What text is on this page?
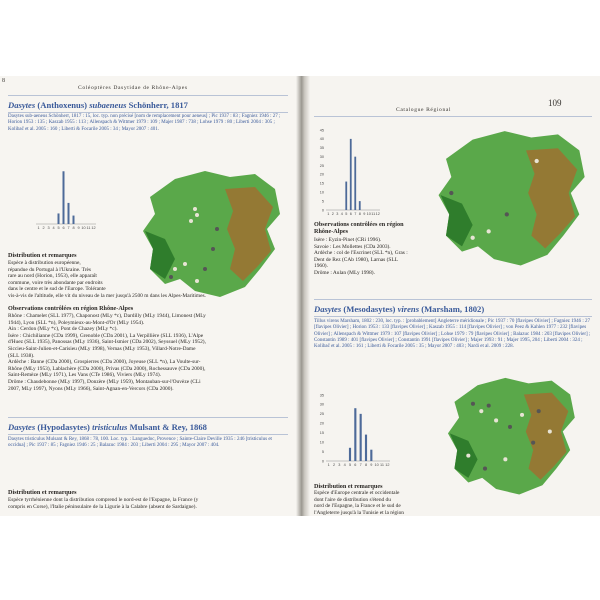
8
Coléoptères Dasytidae de Rhône-Alpes
Dasytes (Anthoxenus) subaeneus Schönherr, 1817
Dasytes sub-aeneus Schönherr, 1817 : 15, loc. typ. non précisé [nom de remplacement pour aeneus] ; Pic 1937 : 83 ; Fagniez 1946 : 27 ; Horion 1953 : 135 ; Kaszab 1955 : 113 ; Allenspach & Wittmer 1979 : 109 ; Majer 1987 : 738 ; Lohse 1979 : 80 ; Liberti 2004 : 305 ; Kolibač et al. 2005 : 160 ; Liberti & Focarile 2005 : 34 ; Mayor 2007 : 401.
1 2 3 4 5 6 7 8 9 10 11 12
Distribution et remarques
Espèce à distribution européenne,
répandue du Portugal à l'Ukraine. Très
rare au nord (Horion, 1953), elle apparaît
commune, voire très abondante par endroits
dans le centre et le sud de l'Europe. Tolérante
vis-à-vis de l'altitude, elle vit du niveau de la mer jusqu'à 2500 m dans les Alpes-Maritimes.
Observations contrôlées en région Rhône-Alpes
Rhône : Chamelet (SLL 1977), Chaponost (MLy *c), Dardilly (MLy 1944), Limonest (MLy
1944), Lyon (SLL *n), Poleymieux-au-Mont-d'Or (MLy 1954).
Ain : Cerdon (MLy *c), Pont de Chazey (MLy *c).
Isère : Chichilianne (CDa 1999), Grenoble (CDa 2001), La Verpillière (SLL 1936), L'Alpe
d'Huez (SLL 1935), Panossas (MLy 1936), Saint-Ismier (CDa 2002), Seyssuel (MLy 1952),
Siccieu-Saint-Julien-et-Carisieu (MLy 1998), Vernas (MLy 1953), Villard-Notre-Dame
(SLL 1938).
Ardèche : Banne (CDa 2000), Grospierres (CDa 2000), Joyeuse (SLL *n), La Voulte-sur-
Rhône (MLy 1953), Lablachère (CDa 2000), Privas (CDa 2000), Rochessauve (CDa 2000),
Saint-Remèze (MLy 1971), Les Vans (CTe 1986), Viviers (MLy 1974).
Drôme : Chaudebonne (MLy 1997), Donzère (MLy 1959), Montauban-sur-l'Ouvèze (CLi
2007, MLy 1997), Nyons (MLy 1966), Saint-Agnan-en-Vercors (CDa 2000).
Dasytes (Hypodasytes) tristiculus Mulsant & Rey, 1868
Dasytes tristiculus Mulsant & Rey, 1868 : 78, 100. Loc. typ. : Languedoc, Provence ; Sainte-Claire Deville 1935 : 246 [tristiculus et occidua] ; Pic 1937 : 85 ; Fagniez 1946 : 25 ; Balazuc 1984 : 203 ; Liberti 2004 : 295 ; Mayor 2007 : 404.
Distribution et remarques
Espèce tyrrhénienne dont la distribution comprend le nord-est de l'Espagne, la France (y
compris en Corse), l'Italie péninsulaire de la Ligurie à la Calabre (absent de Sardaigne).
Catalogue Régional
109
1 2 3 4 5 6 7 8 9 10 11 12
0
5
10
15
20
25
30
35
40
45
Observations contrôlées en région
Rhône-Alpes
Isère : Eyzin-Pinet (CRi 1996).
Savoie : Les Mollettes (CDa 2003).
Ardèche : col de l'Escrinet (SLL *n), Gras :
Dent de Rez (CAb 1980), Larnas (SLL
1960).
Drôme : Aulan (MLy 1998).
Dasytes (Mesodasytes) virens (Marsham, 1802)
Tillus virens Marsham, 1802 : 230, loc. typ. : [probablement] Angleterre méridionale ; Pic 1937 : 70 [flavipes Olivier] ; Fagniez 1946 : 27 [flavipes Olivier] ; Horion 1953 : 133 [flavipes Olivier] ; Kaszab 1955 : 114 [flavipes Olivier] ; von Peez & Kahlen 1977 : 232 [flavipes Olivier] ; Allenspach & Wittmer 1979 : 107 [flavipes Olivier] ; Lohse 1979 : 79 [flavipes Olivier] ; Balazuc 1984 : 203 [flavipes Olivier] ; Constantin 1989 : 401 [flavipes Olivier] ; Constantin 1991 [flavipes Olivier] ; Majer 1993 : 91 ; Majer 1995, 204 ; Liberti 2004 : 324 ; Kolibač et al. 2005 : 161 ; Liberti & Focarile 2005 : 35 ; Mayor 2007 : 403 ; Nardi et al. 2009 : 228.
1 2 3 4 5 6 7 8 9 10 11 12
0
5
10
15
20
25
30
35
Distribution et remarques
Espèce d'Europe centrale et occidentale
dont l'aire de distribution s'étend du
nord de l'Espagne, la France et le sud de
l'Angleterre jusqu'à la Tunisie et la région
